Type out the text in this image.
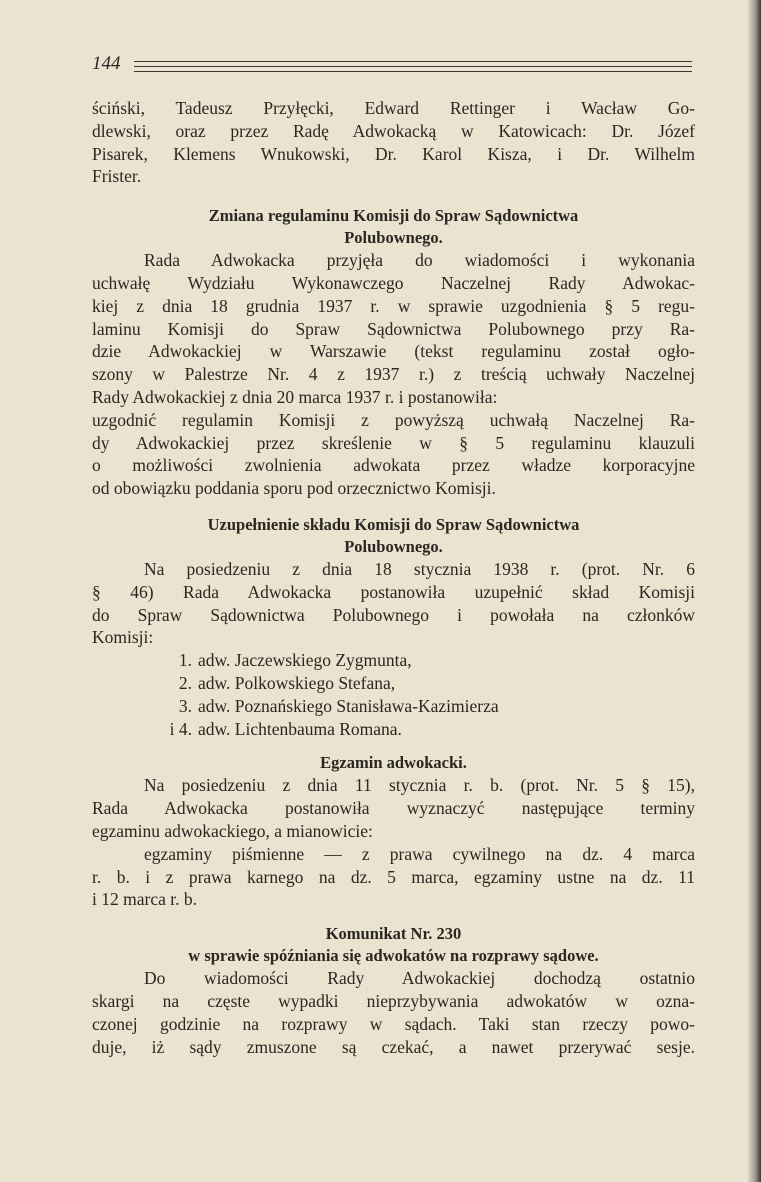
144
ściński, Tadeusz Przyłęcki, Edward Rettinger i Wacław Go-
dlewski, oraz przez Radę Adwokacką w Katowicach: Dr. Józef
Pisarek, Klemens Wnukowski, Dr. Karol Kisza, i Dr. Wilhelm
Frister.
Zmiana regulaminu Komisji do Spraw Sądownictwa
Polubownego.
Rada Adwokacka przyjęła do wiadomości i wykonania
uchwałę Wydziału Wykonawczego Naczelnej Rady Adwokac-
kiej z dnia 18 grudnia 1937 r. w sprawie uzgodnienia § 5 regu-
laminu Komisji do Spraw Sądownictwa Polubownego przy Ra-
dzie Adwokackiej w Warszawie (tekst regulaminu został ogło-
szony w Palestrze Nr. 4 z 1937 r.) z treścią uchwały Naczelnej
Rady Adwokackiej z dnia 20 marca 1937 r. i postanowiła:
uzgodnić regulamin Komisji z powyższą uchwałą Naczelnej Ra-
dy Adwokackiej przez skreślenie w § 5 regulaminu klauzuli
o możliwości zwolnienia adwokata przez władze korporacyjne
od obowiązku poddania sporu pod orzecznictwo Komisji.
Uzupełnienie składu Komisji do Spraw Sądownictwa
Polubownego.
Na posiedzeniu z dnia 18 stycznia 1938 r. (prot. Nr. 6
§ 46) Rada Adwokacka postanowiła uzupełnić skład Komisji
do Spraw Sądownictwa Polubownego i powołała na członków
Komisji:
1. adw. Jaczewskiego Zygmunta,
2. adw. Polkowskiego Stefana,
3. adw. Poznańskiego Stanisława-Kazimierza
i 4. adw. Lichtenbauma Romana.
Egzamin adwokacki.
Na posiedzeniu z dnia 11 stycznia r. b. (prot. Nr. 5 § 15),
Rada Adwokacka postanowiła wyznaczyć następujące terminy
egzaminu adwokackiego, a mianowicie:
egzaminy piśmienne — z prawa cywilnego na dz. 4 marca
r. b. i z prawa karnego na dz. 5 marca, egzaminy ustne na dz. 11
i 12 marca r. b.
Komunikat Nr. 230
w sprawie spóźniania się adwokatów na rozprawy sądowe.
Do wiadomości Rady Adwokackiej dochodzą ostatnio
skargi na częste wypadki nieprzybywania adwokatów w ozna-
czonej godzinie na rozprawy w sądach. Taki stan rzeczy powo-
duje, iż sądy zmuszone są czekać, a nawet przerywać sesje.
